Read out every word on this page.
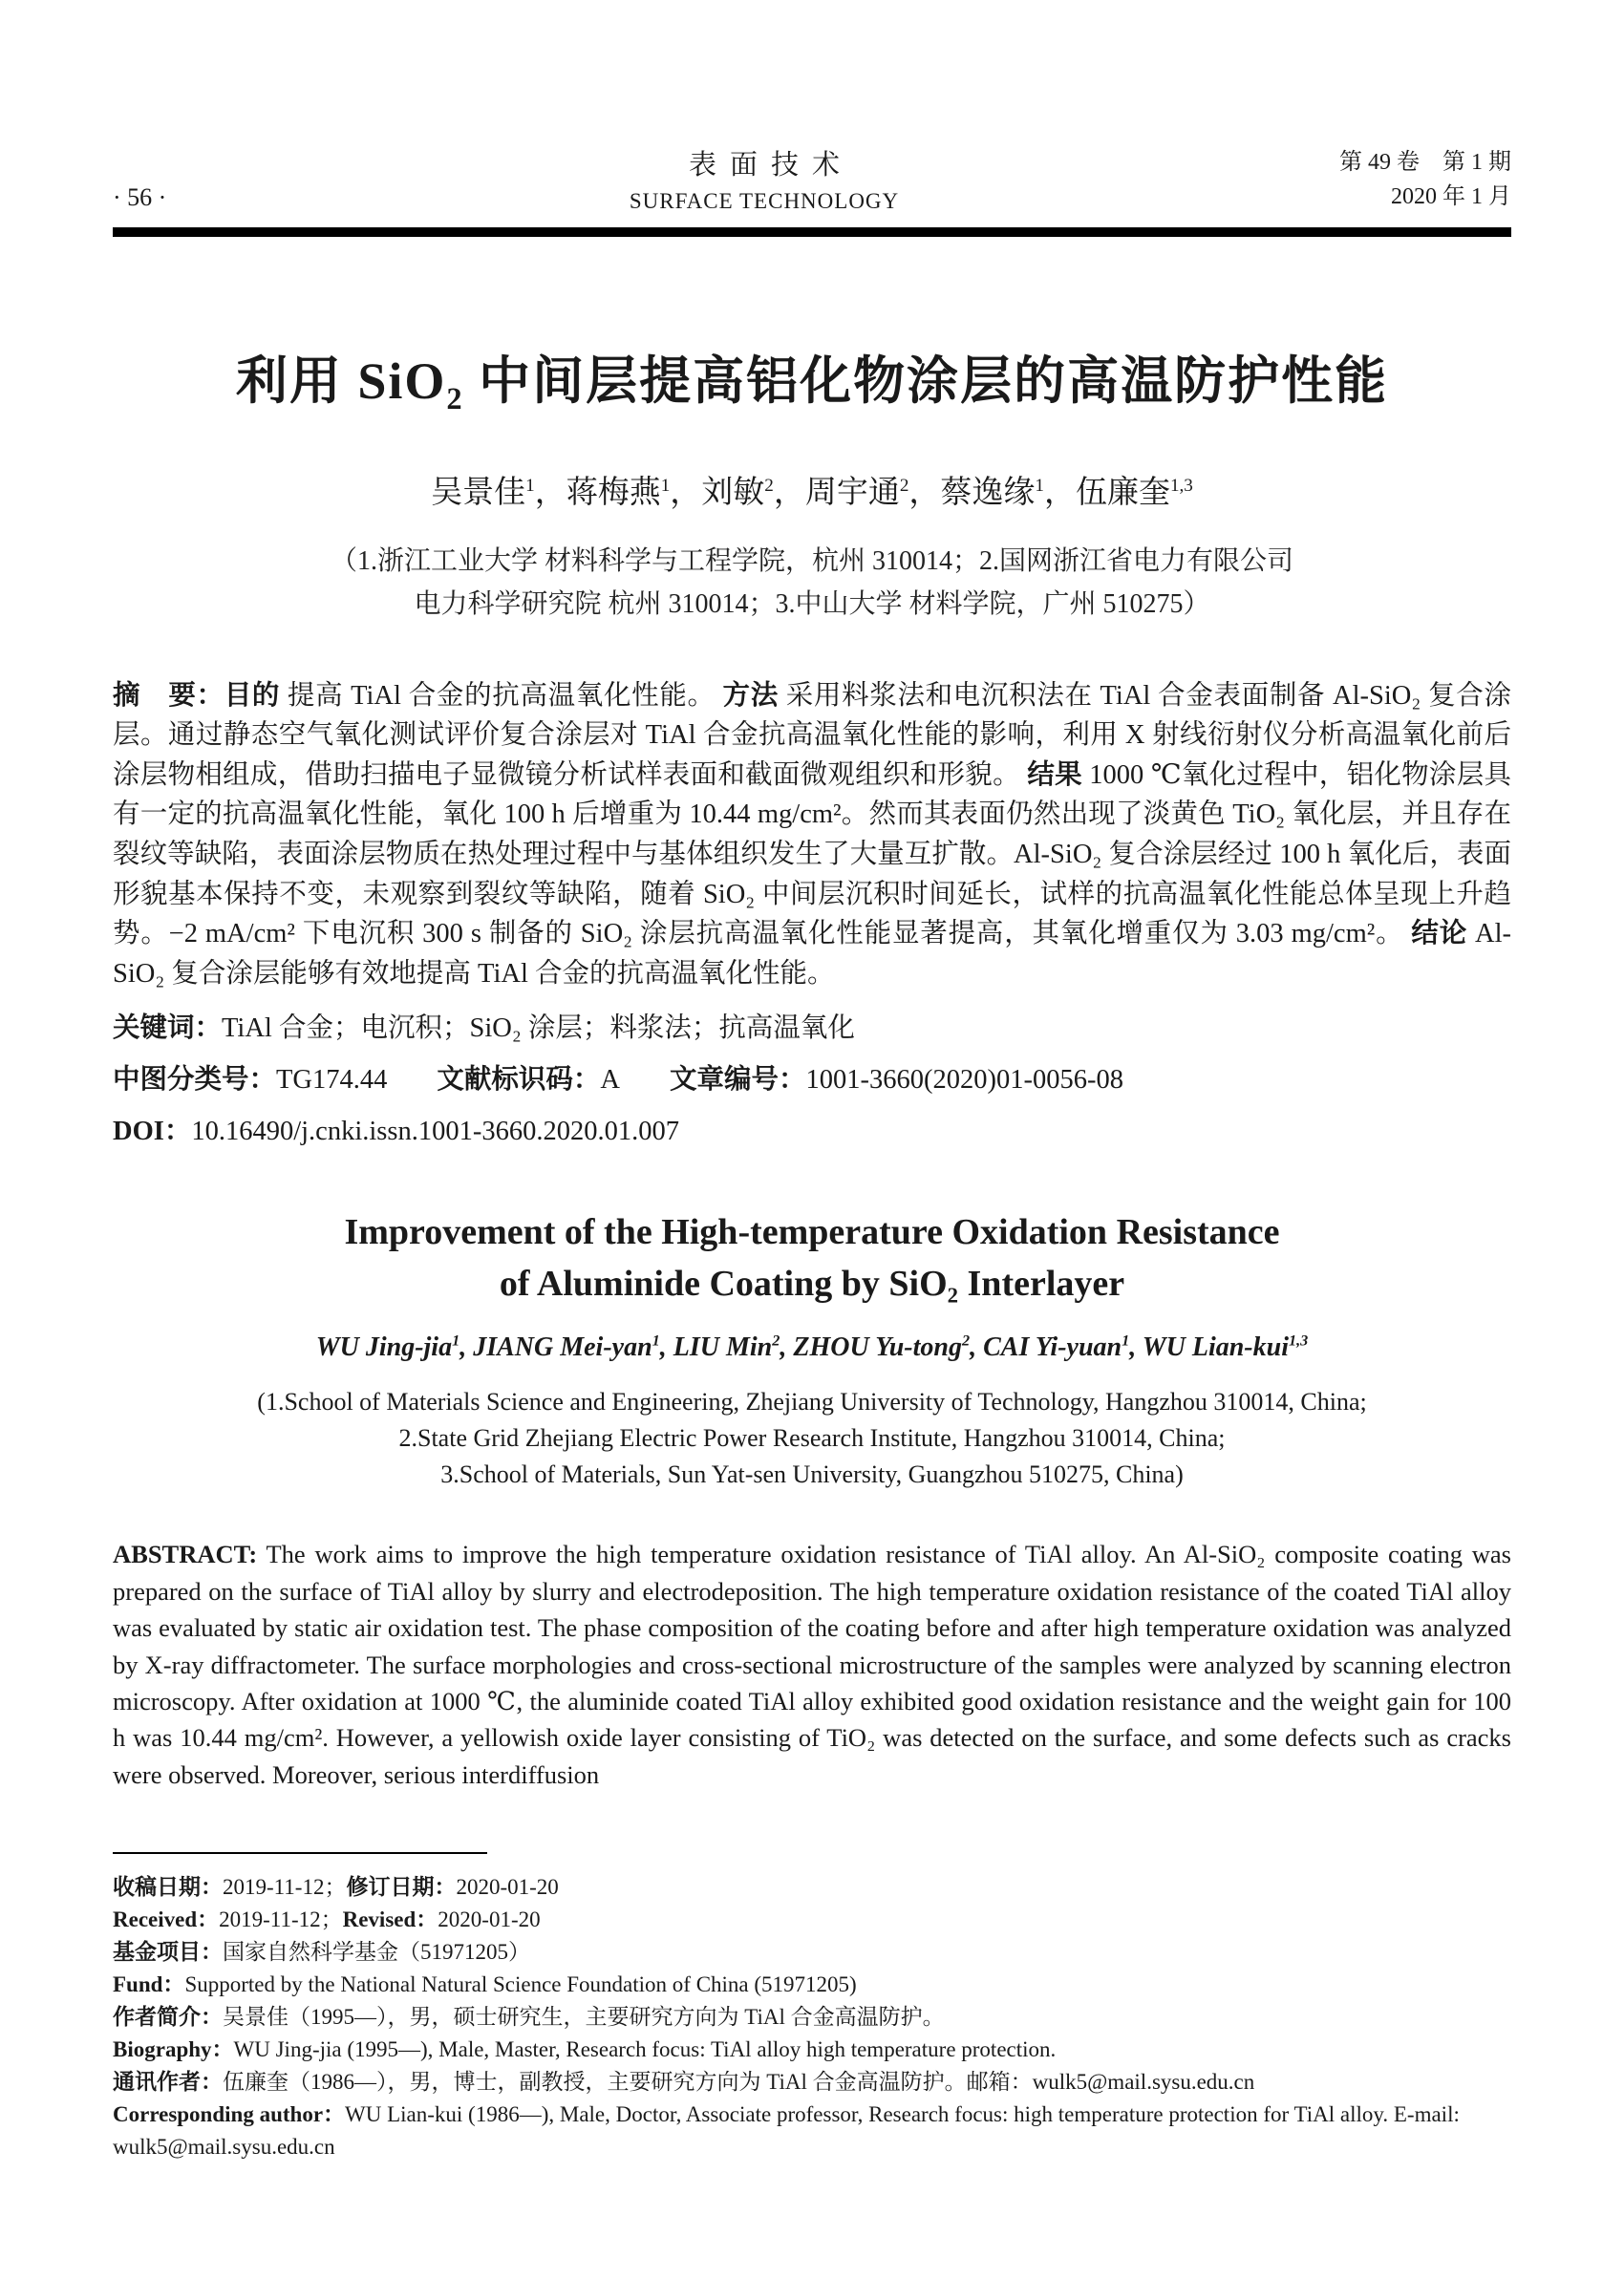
· 56 ·
表面技术
SURFACE TECHNOLOGY
第 49 卷　第 1 期
2020 年 1 月
利用 SiO₂ 中间层提高铝化物涂层的高温防护性能
吴景佳$^1$，蒋梅燕$^1$，刘敏$^2$，周宇通$^2$，蔡逸缘$^1$，伍廉奎$^{1,3}$
（1.浙江工业大学 材料科学与工程学院，杭州 310014；2.国网浙江省电力有限公司
电力科学研究院 杭州 310014；3.中山大学 材料学院，广州 510275）

摘　要：目的 提高 TiAl 合金的抗高温氧化性能。 方法 采用料浆法和电沉积法在 TiAl 合金表面制备 Al-SiO₂ 复合涂层。通过静态空气氧化测试评价复合涂层对 TiAl 合金抗高温氧化性能的影响，利用 X 射线衍射仪分析高温氧化前后涂层物相组成，借助扫描电子显微镜分析试样表面和截面微观组织和形貌。 结果 1000 ℃氧化过程中，铝化物涂层具有一定的抗高温氧化性能，氧化 100 h 后增重为 10.44 mg/cm²。然而其表面仍然出现了淡黄色 TiO₂ 氧化层，并且存在裂纹等缺陷，表面涂层物质在热处理过程中与基体组织发生了大量互扩散。Al-SiO₂ 复合涂层经过 100 h 氧化后，表面形貌基本保持不变，未观察到裂纹等缺陷，随着 SiO₂ 中间层沉积时间延长，试样的抗高温氧化性能总体呈现上升趋势。−2 mA/cm² 下电沉积 300 s 制备的 SiO₂ 涂层抗高温氧化性能显著提高，其氧化增重仅为 3.03 mg/cm²。 结论 Al-SiO₂ 复合涂层能够有效地提高 TiAl 合金的抗高温氧化性能。

关键词：TiAl 合金；电沉积；SiO₂ 涂层；料浆法；抗高温氧化

中图分类号：TG174.44 文献标识码：A 文章编号：1001-3660(2020)01-0056-08

DOI：10.16490/j.cnki.issn.1001-3660.2020.01.007

Improvement of the High-temperature Oxidation Resistance
of Aluminide Coating by SiO₂ Interlayer
WU Jing-jia$^1$, JIANG Mei-yan$^1$, LIU Min$^2$, ZHOU Yu-tong$^2$, CAI Yi-yuan$^1$, WU Lian-kui$^{1,3}$
(1.School of Materials Science and Engineering, Zhejiang University of Technology, Hangzhou 310014, China;
2.State Grid Zhejiang Electric Power Research Institute, Hangzhou 310014, China;
3.School of Materials, Sun Yat-sen University, Guangzhou 510275, China)

ABSTRACT: The work aims to improve the high temperature oxidation resistance of TiAl alloy. An Al-SiO₂ composite coating was prepared on the surface of TiAl alloy by slurry and electrodeposition. The high temperature oxidation resistance of the coated TiAl alloy was evaluated by static air oxidation test. The phase composition of the coating before and after high temperature oxidation was analyzed by X-ray diffractometer. The surface morphologies and cross-sectional microstructure of the samples were analyzed by scanning electron microscopy. After oxidation at 1000 ℃, the aluminide coated TiAl alloy exhibited good oxidation resistance and the weight gain for 100 h was 10.44 mg/cm². However, a yellowish oxide layer consisting of TiO₂ was detected on the surface, and some defects such as cracks were observed. Moreover, serious interdiffusion

收稿日期：2019-11-12；修订日期：2020-01-20

Received：2019-11-12；Revised：2020-01-20

基金项目：国家自然科学基金（51971205）

Fund：Supported by the National Natural Science Foundation of China (51971205)

作者简介：吴景佳（1995—），男，硕士研究生，主要研究方向为 TiAl 合金高温防护。

Biography：WU Jing-jia (1995—), Male, Master, Research focus: TiAl alloy high temperature protection.

通讯作者：伍廉奎（1986—），男，博士，副教授，主要研究方向为 TiAl 合金高温防护。邮箱：wulk5@mail.sysu.edu.cn

Corresponding author：WU Lian-kui (1986—), Male, Doctor, Associate professor, Research focus: high temperature protection for TiAl alloy. E-mail: wulk5@mail.sysu.edu.cn
